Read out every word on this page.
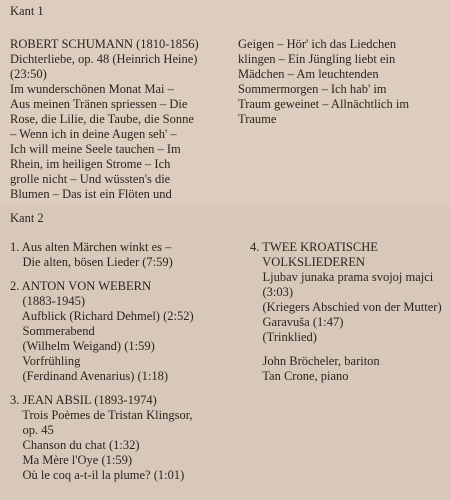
Kant 1
ROBERT SCHUMANN (1810-1856)
Dichterliebe, op. 48 (Heinrich Heine)
(23:50)
Im wunderschönen Monat Mai –
Aus meinen Tränen spriessen – Die
Rose, die Lilie, die Taube, die Sonne
– Wenn ich in deine Augen seh' –
Ich will meine Seele tauchen – Im
Rhein, im heiligen Strome – Ich
grolle nicht – Und wüssten's die
Blumen – Das ist ein Flöten und
Geigen – Hör' ich das Liedchen
klingen – Ein Jüngling liebt ein
Mädchen – Am leuchtenden
Sommermorgen – Ich hab' im
Traum geweinet – Allnächtlich im
Traume
Kant 2
1. Aus alten Märchen winkt es –
Die alten, bösen Lieder (7:59)
2. ANTON VON WEBERN
(1883-1945)
Aufblick (Richard Dehmel) (2:52)
Sommerabend
(Wilhelm Weigand) (1:59)
Vorfrühling
(Ferdinand Avenarius) (1:18)
3. JEAN ABSIL (1893-1974)
Trois Poèmes de Tristan Klingsor,
op. 45
Chanson du chat (1:32)
Ma Mère l'Oye (1:59)
Où le coq a-t-il la plume? (1:01)
4. TWEE KROATISCHE
VOLKSLIEDEREN
Ljubav junaka prama svojoj majci
(3:03)
(Kriegers Abschied von der Mutter)
Garavuša (1:47)
(Trinklied)
John Bröcheler, bariton
Tan Crone, piano
